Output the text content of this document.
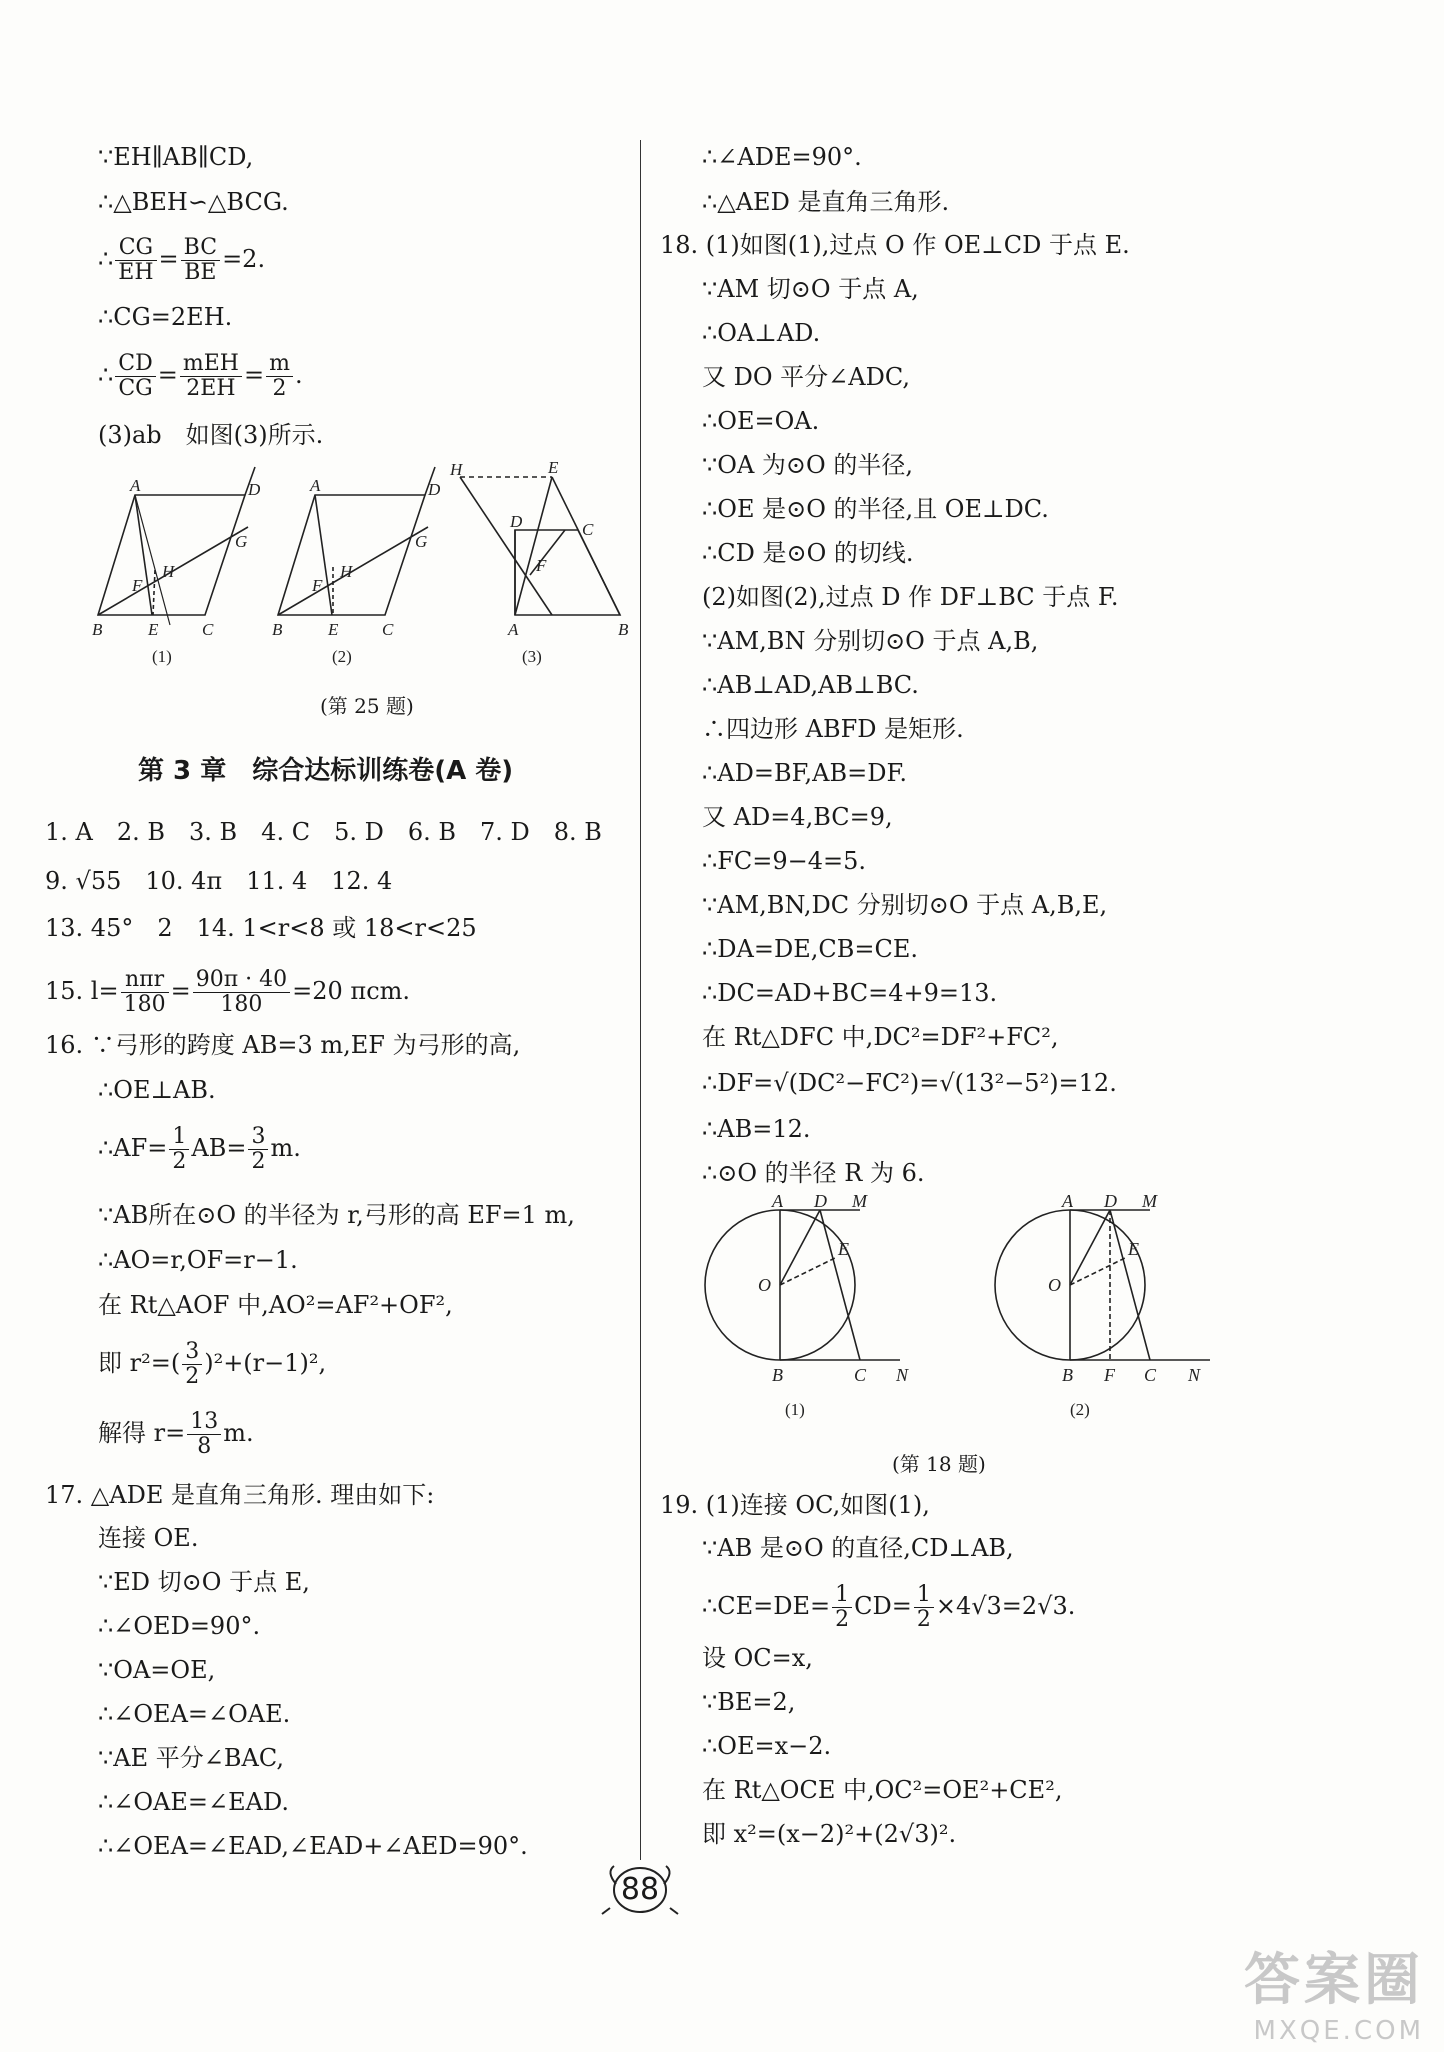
∵EH∥AB∥CD,
∴△BEH∽△BCG.
∴ $\frac{CG}{EH} = \frac{BC}{BE} =2$.
∴CG=2EH.
∴ $\frac{CD}{CG} = \frac{\text{mEH}}{2EH} = \frac{m}{2}$ .
(3)ab　如图(3)所示.
A	D
G
H
F
B	E	C
A	D
G
H
F
B	E	C
H	E
D	C
F
A	B
(1)	(2)	(3)
(第 25 题)
第 3 章　综合达标训练卷(A 卷)
1. A　2. B　3. B　4. C　5. D　6. B　7. D　8. B
9. √55　10. 4π　11. 4　12. 4
13. 45°　2　14. 1<r<8 或 18<r<25
15. $l= \frac{\text{nπr}}{180} = \frac{90\pi \cdot 40}{180} =20$ πcm.
16. ∵弓形的跨度 AB=3 m,EF 为弓形的高,
∴OE⊥AB.
∴AF= $\frac{1}{2} AB= \frac{3}{2} m$.
∵AB所在⊙O 的半径为 r,弓形的高 EF=1 m,
∴AO=r,OF=r−1.
在 Rt△AOF 中,AO²=AF²+OF²,
即 $r^2=( \frac{3}{2} )^2+(r-1)^2$,
解得 $r= \frac{13}{8} m$.
17. △ADE 是直角三角形. 理由如下:
连接 OE.
∵ED 切⊙O 于点 E,
∴∠OED=90°.
∵OA=OE,
∴∠OEA=∠OAE.
∵AE 平分∠BAC,
∴∠OAE=∠EAD.
∴∠OEA=∠EAD,∠EAD+∠AED=90°.
∴∠ADE=90°.
∴△AED 是直角三角形.
18. (1)如图(1),过点 O 作 OE⊥CD 于点 E.
∵AM 切⊙O 于点 A,
∴OA⊥AD.
又 DO 平分∠ADC,
∴OE=OA.
∵OA 为⊙O 的半径,
∴OE 是⊙O 的半径,且 OE⊥DC.
∴CD 是⊙O 的切线.
(2)如图(2),过点 D 作 DF⊥BC 于点 F.
∵AM,BN 分别切⊙O 于点 A,B,
∴AB⊥AD,AB⊥BC.
∴四边形 ABFD 是矩形.
∴AD=BF,AB=DF.
又 AD=4,BC=9,
∴FC=9−4=5.
∵AM,BN,DC 分别切⊙O 于点 A,B,E,
∴DA=DE,CB=CE.
∴DC=AD+BC=4+9=13.
在 Rt△DFC 中,DC²=DF²+FC²,
∴DF=√(DC²−FC²)=√(13²−5²)=12.
∴AB=12.
∴⊙O 的半径 R 为 6.
A D M
E
O
B	C N
A D M
E
O
B F C N
(1)	(2)
(第 18 题)
19. (1)连接 OC,如图(1),
∵AB 是⊙O 的直径,CD⊥AB,
∴CE=DE= $\frac{1}{2} CD= \frac{1}{2} \times 4√3=2√3$.
设 OC=x,
∵BE=2,
∴OE=x−2.
在 Rt△OCE 中,OC²=OE²+CE²,
即 x²=(x−2)²+(2√3)².
88
答案圈
MXQE.COM
